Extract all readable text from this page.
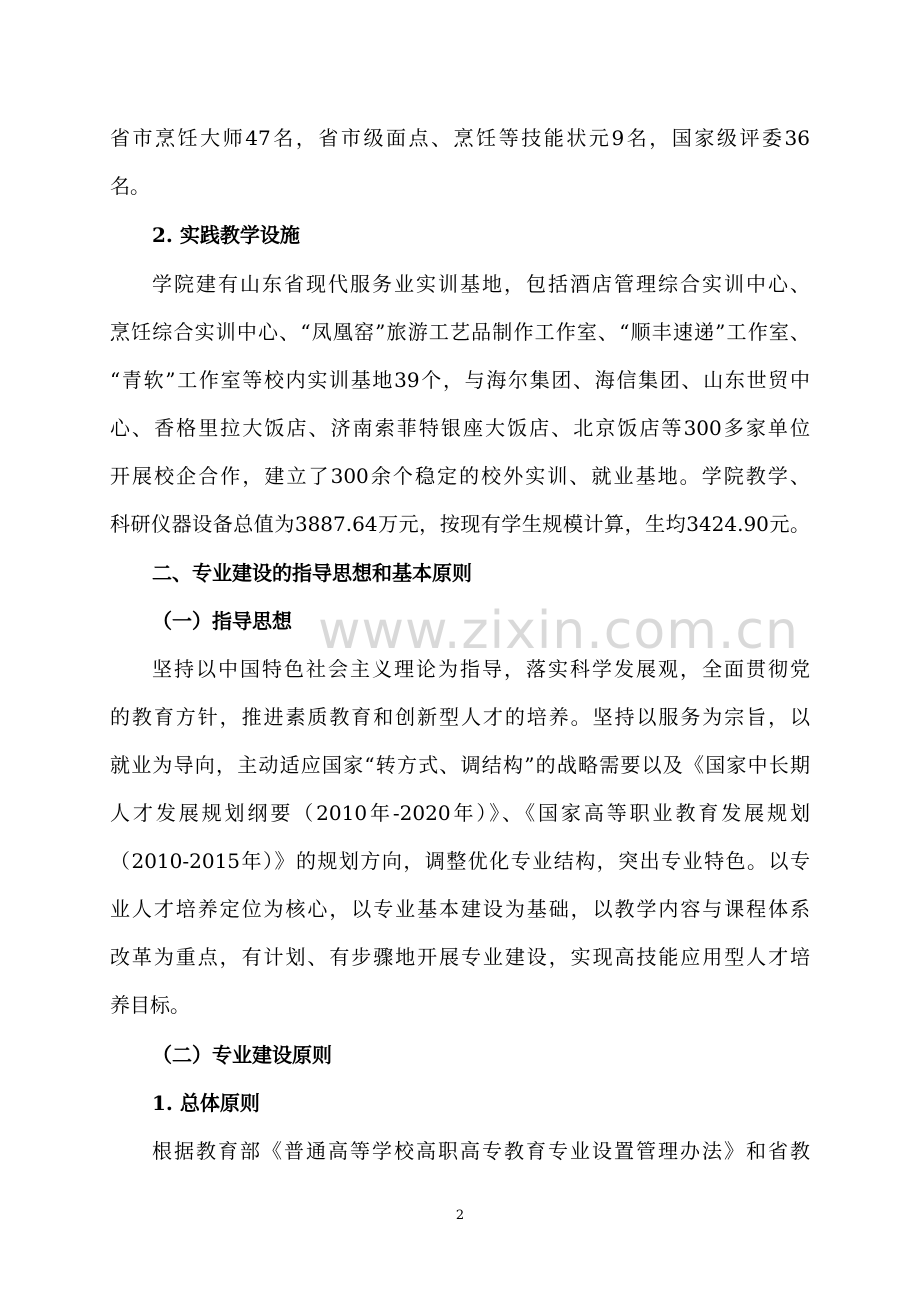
省市烹饪大师47名，省市级面点、烹饪等技能状元9名，国家级评委36
名。
2. 实践教学设施
学院建有山东省现代服务业实训基地，包括酒店管理综合实训中心、
烹饪综合实训中心、“凤凰窑”旅游工艺品制作工作室、“顺丰速递”工作室、
“青软”工作室等校内实训基地39个，与海尔集团、海信集团、山东世贸中
心、香格里拉大饭店、济南索菲特银座大饭店、北京饭店等300多家单位
开展校企合作，建立了300余个稳定的校外实训、就业基地。学院教学、
科研仪器设备总值为3887.64万元，按现有学生规模计算，生均3424.90元。
二、专业建设的指导思想和基本原则
（一）指导思想
坚持以中国特色社会主义理论为指导，落实科学发展观，全面贯彻党
的教育方针，推进素质教育和创新型人才的培养。坚持以服务为宗旨，以
就业为导向，主动适应国家“转方式、调结构”的战略需要以及《国家中长期
人才发展规划纲要（2010年-2020年）》、《国家高等职业教育发展规划
（2010-2015年）》的规划方向，调整优化专业结构，突出专业特色。以专
业人才培养定位为核心，以专业基本建设为基础，以教学内容与课程体系
改革为重点，有计划、有步骤地开展专业建设，实现高技能应用型人才培
养目标。
（二）专业建设原则
1. 总体原则
根据教育部《普通高等学校高职高专教育专业设置管理办法》和省教
www.zixin.com.cn
2
